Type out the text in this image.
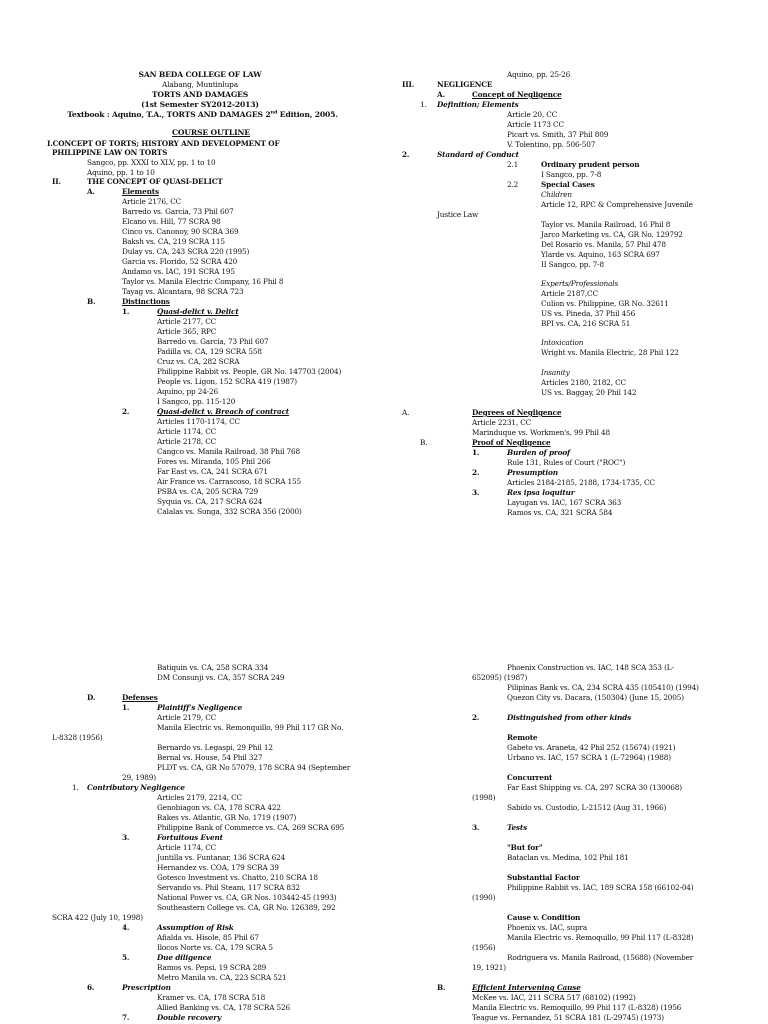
SAN BEDA COLLEGE OF LAW
Alabang, Muntinlupa
TORTS AND DAMAGES
(1st Semester SY2012-2013)
Textbook : Aquino, T.A., TORTS AND DAMAGES 2nd Edition, 2005.
COURSE OUTLINE
I.CONCEPT OF TORTS; HISTORY AND DEVELOPMENT OF
PHILIPPINE LAW ON TORTS
Sangco, pp. XXXI to XLV, pp. 1 to 10
Aquino, pp. 1 to 10
II.	THE CONCEPT OF QUASI-DELICT
A.	Elements
Article 2176, CC
Barredo vs. Garcia, 73 Phil 607
Elcano vs. Hill, 77 SCRA 98
Cinco vs. Canonoy, 90 SCRA 369
Baksh vs. CA, 219 SCRA 115
Dulay vs. CA, 243 SCRA 220 (1995)
Garcia vs. Florido, 52 SCRA 420
Andamo vs. IAC, 191 SCRA 195
Taylor vs. Manila Electric Company, 16 Phil 8
Tayag vs. Alcantara, 98 SCRA 723
B.	Distinctions
1.	Quasi-delict v. Delict
Article 2177, CC
Article 365, RPC
Barredo vs. Garcia, 73 Phil 607
Padilla vs. CA, 129 SCRA 558
Cruz vs. CA, 282 SCRA
Philippine Rabbit vs. People, GR No. 147703 (2004)
People vs. Ligon, 152 SCRA 419 (1987)
Aquino, pp 24-26
I Sangco, pp. 115-120
2.	Quasi-delict v. Breach of contract
Articles 1170-1174, CC
Article 1174, CC
Article 2178, CC
Cangco vs. Manila Railroad, 38 Phil 768
Fores vs. Miranda, 105 Phil 266
Far East vs. CA, 241 SCRA 671
Air France vs. Carrascoso, 18 SCRA 155
PSBA vs. CA, 205 SCRA 729
Syquia vs. CA, 217 SCRA 624
Calalas vs. Sunga, 332 SCRA 356 (2000)
Aquino, pp. 25-26
III.	NEGLIGENCE
A.	Concept of Negligence
1. Definition; Elements
Article 20, CC
Article 1173 CC
Picart vs. Smith, 37 Phil 809
V. Tolentino, pp. 506-507
2.	Standard of Conduct
2.1	Ordinary prudent person
I Sangco, pp. 7-8
2.2	Special Cases
Children
Article 12, RPC & Comprehensive Juvenile
Justice Law
Taylor vs. Manila Railroad, 16 Phil 8
Jarco Marketing vs. CA, GR No. 129792
Del Rosario vs. Manila, 57 Phil 478
Ylarde vs. Aquino, 163 SCRA 697
II Sangco, pp. 7-8
Experts/Professionals
Article 2187,CC
Culion vs. Philippine, GR No. 32611
US vs. Pineda, 37 Phil 456
BPI vs. CA, 216 SCRA 51
Intoxication
Wright vs. Manila Electric, 28 Phil 122
Insanity
Articles 2180, 2182, CC
US vs. Baggay, 20 Phil 142
A.	Degrees of Negligence
Article 2231, CC
Marinduque vs. Workmen's, 99 Phil 48
B.	Proof of Negligence
1.	Burden of proof
Rule 131, Rules of Court ("ROC")
2.	Presumption
Articles 2184-2185, 2188, 1734-1735, CC
3.	Res ipsa loquitur
Layugan vs. IAC, 167 SCRA 363
Ramos vs. CA, 321 SCRA 584
Batiquin vs. CA, 258 SCRA 334
DM Consunji vs. CA, 357 SCRA 249
D.	Defenses
1.	Plaintiff's Negligence
Article 2179, CC
Manila Electric vs. Remonquillo, 99 Phil 117 GR No.
L-8328 (1956)
Bernardo vs. Legaspi, 29 Phil 12
Bernal vs. House, 54 Phil 327
PLDT vs. CA, GR No 57079, 178 SCRA 94 (September
29, 1989)
1. Contributory Negligence
Articles 2179, 2214, CC
Genobiagon vs. CA, 178 SCRA 422
Rakes vs. Atlantic, GR No. 1719 (1907)
Philippine Bank of Commerce vs. CA, 269 SCRA 695
3.	Fortuitous Event
Article 1174, CC
Juntilla vs. Funtanar, 136 SCRA 624
Hernandez vs. COA, 179 SCRA 39
Gotesco Investment vs. Chatto, 210 SCRA 18
Servando vs. Phil Steam, 117 SCRA 832
National Power vs. CA, GR Nos. 103442-45 (1993)
Southeastern College vs. CA, GR No. 126389, 292
SCRA 422 (July 10, 1998)
4.	Assumption of Risk
Afialda vs. Hisole, 85 Phil 67
Ilocos Norte vs. CA, 179 SCRA 5
5.	Due diligence
Ramos vs. Pepsi, 19 SCRA 289
Metro Manila vs. CA, 223 SCRA 521
6.	Prescription
Kramer vs. CA, 178 SCRA 518
Allied Banking vs. CA, 178 SCRA 526
7.	Double recovery
Phoenix Construction vs. IAC, 148 SCA 353 (L-
652095) (1987)
Pilipinas Bank vs. CA, 234 SCRA 435 (105410) (1994)
Quezon City vs. Dacara, (150304) (June 15, 2005)
2.	Distinguished from other kinds
Remote
Gabeto vs. Araneta, 42 Phil 252 (15674) (1921)
Urbano vs. IAC, 157 SCRA 1 (L-72964) (1988)
Concurrent
Far East Shipping vs. CA, 297 SCRA 30 (130068)
(1998)
Sabido vs. Custodio, L-21512 (Aug 31, 1966)
3.	Tests
"But for"
Bataclan vs. Medina, 102 Phil 181
Substantial Factor
Philippine Rabbit vs. IAC, 189 SCRA 158 (66102-04)
(1990)
Cause v. Condition
Phoenix vs. IAC, supra
Manila Electric vs. Remoquillo, 99 Phil 117 (L-8328)
(1956)
Rodriguera vs. Manila Railroad, (15688) (November
19, 1921)
B.	Efficient Intervening Cause
McKee vs. IAC, 211 SCRA 517 (68102) (1992)
Manila Electric vs. Remoquillo, 99 Phil 117 (L-8328) (1956
Teague vs. Fernandez, 51 SCRA 181 (L-29745) (1973)
